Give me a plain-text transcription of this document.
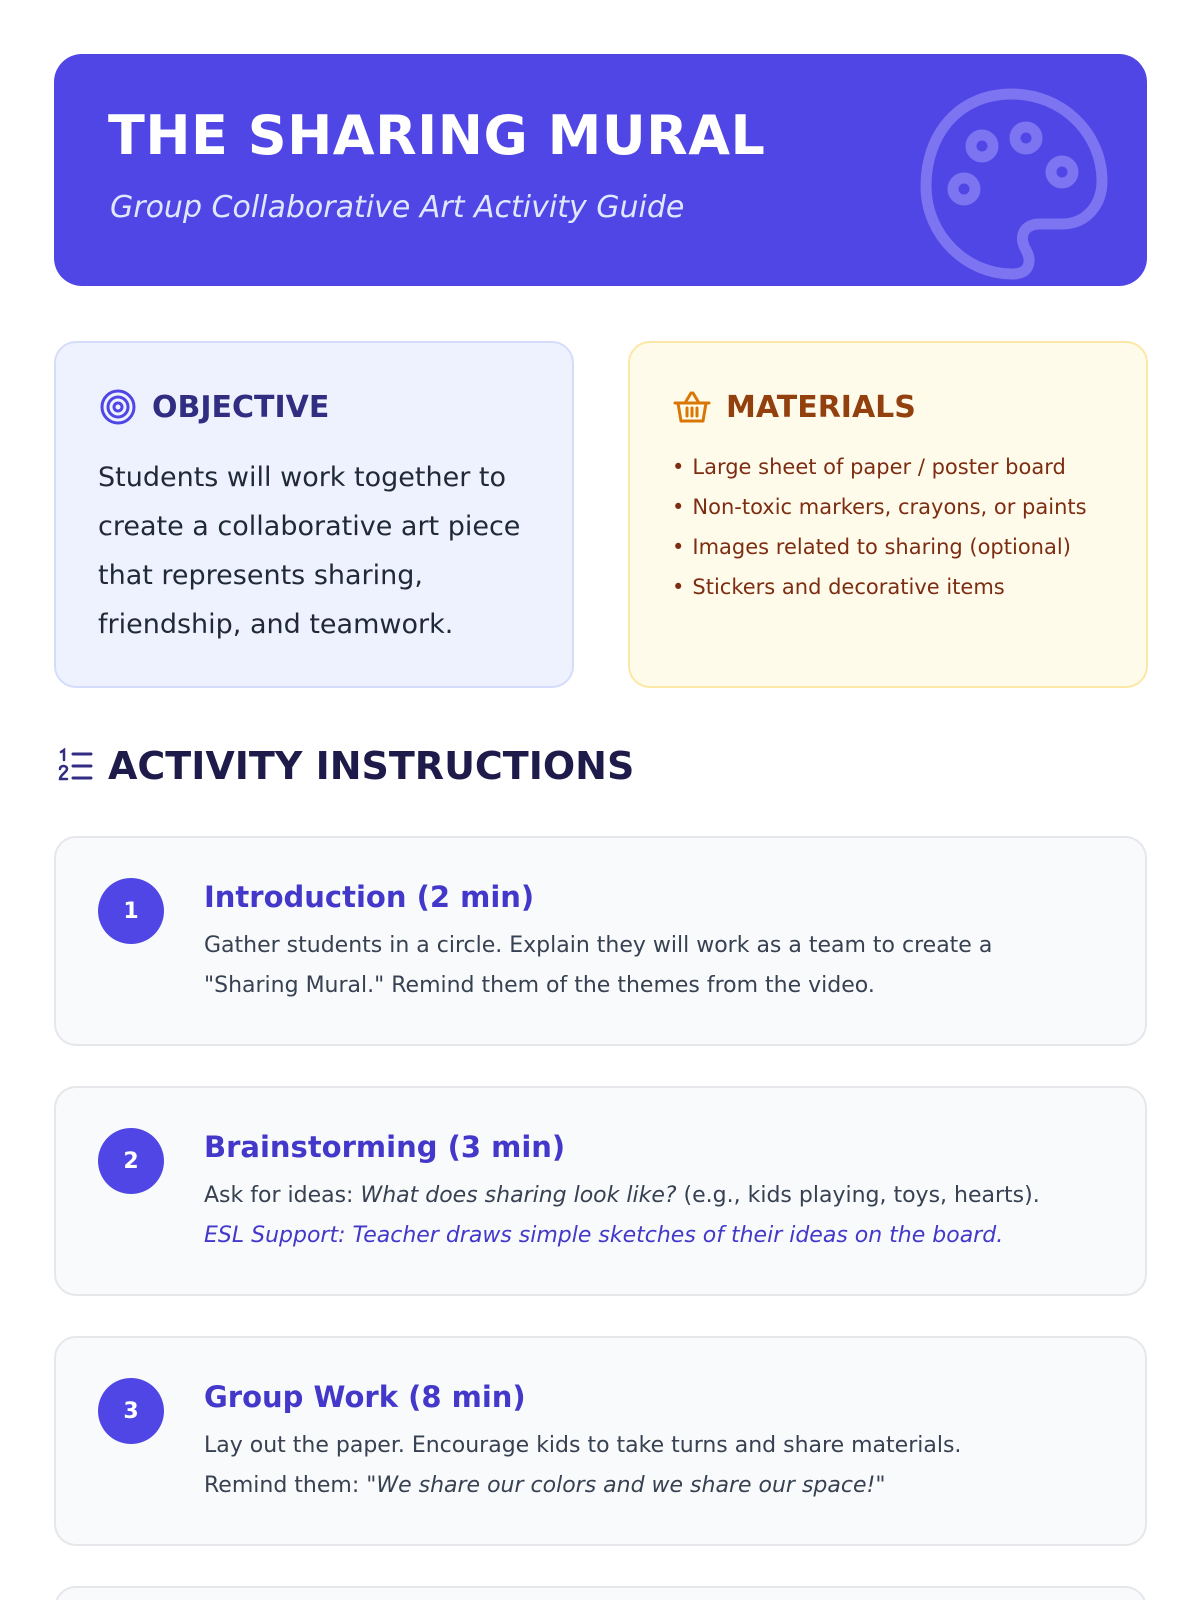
THE SHARING MURAL
Group Collaborative Art Activity Guide
OBJECTIVE

Students will work together to create a collaborative art piece that represents sharing, friendship, and teamwork.

MATERIALS
• Large sheet of paper / poster board
• Non-toxic markers, crayons, or paints
• Images related to sharing (optional)
• Stickers and decorative items
ACTIVITY INSTRUCTIONS
1	Introduction (2 min)
Gather students in a circle. Explain they will work as a team to create a
"Sharing Mural." Remind them of the themes from the video.
2	Brainstorming (3 min)
Ask for ideas: What does sharing look like? (e.g., kids playing, toys, hearts).
ESL Support: Teacher draws simple sketches of their ideas on the board.
3	Group Work (8 min)
Lay out the paper. Encourage kids to take turns and share materials.
Remind them: "We share our colors and we share our space!"
